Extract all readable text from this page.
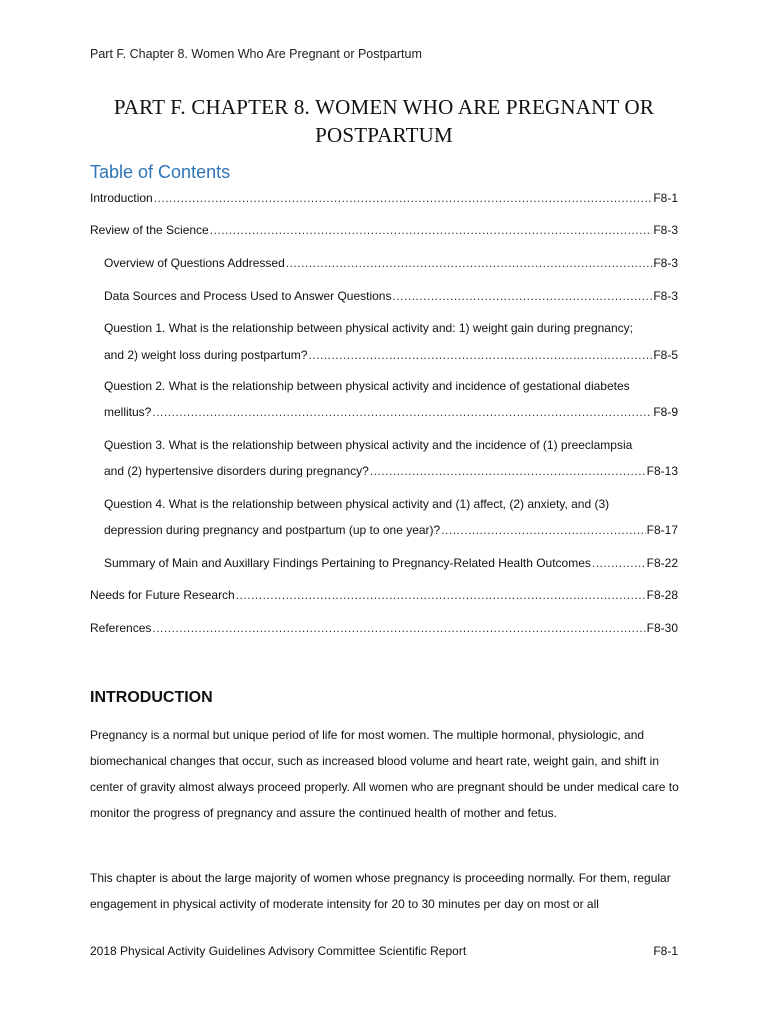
Part F. Chapter 8. Women Who Are Pregnant or Postpartum
PART F. CHAPTER 8. WOMEN WHO ARE PREGNANT OR POSTPARTUM
Table of Contents
Introduction .....	F8-1
Review of the Science .....	F8-3
Overview of Questions Addressed .....	F8-3
Data Sources and Process Used to Answer Questions .....	F8-3
Question 1. What is the relationship between physical activity and: 1) weight gain during pregnancy;
and 2) weight loss during postpartum? .....	F8-5
Question 2. What is the relationship between physical activity and incidence of gestational diabetes
mellitus? .....	F8-9
Question 3. What is the relationship between physical activity and the incidence of (1) preeclampsia
and (2) hypertensive disorders during pregnancy? .....	F8-13
Question 4. What is the relationship between physical activity and (1) affect, (2) anxiety, and (3)
depression during pregnancy and postpartum (up to one year)? .....	F8-17
Summary of Main and Auxillary Findings Pertaining to Pregnancy-Related Health Outcomes .....	F8-22
Needs for Future Research .....	F8-28
References .....	F8-30
INTRODUCTION
Pregnancy is a normal but unique period of life for most women. The multiple hormonal, physiologic, and biomechanical changes that occur, such as increased blood volume and heart rate, weight gain, and shift in center of gravity almost always proceed properly. All women who are pregnant should be under medical care to monitor the progress of pregnancy and assure the continued health of mother and fetus.
This chapter is about the large majority of women whose pregnancy is proceeding normally. For them, regular engagement in physical activity of moderate intensity for 20 to 30 minutes per day on most or all
2018 Physical Activity Guidelines Advisory Committee Scientific Report	F8-1
